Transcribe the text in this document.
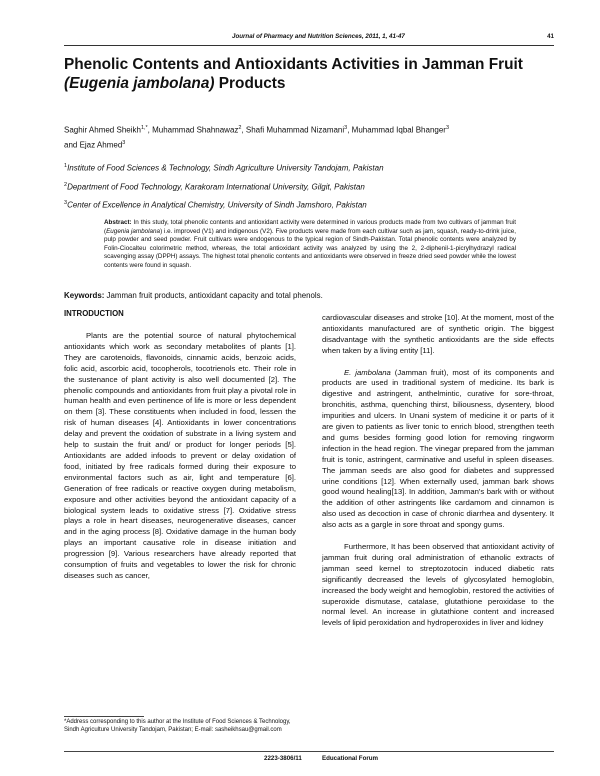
Journal of Pharmacy and Nutrition Sciences, 2011, 1, 41-47	41
Phenolic Contents and Antioxidants Activities in Jamman Fruit
(Eugenia jambolana) Products
Saghir Ahmed Sheikh$^{1,*}$, Muhammad Shahnawaz$^2$, Shafi Muhammad Nizamani$^3$, Muhammad Iqbal Bhanger$^3$
and Ejaz Ahmed$^3$
$^1$Institute of Food Sciences & Technology, Sindh Agriculture University Tandojam, Pakistan
$^2$Department of Food Technology, Karakoram International University, Gilgit, Pakistan
$^3$Center of Excellence in Analytical Chemistry, University of Sindh Jamshoro, Pakistan
Abstract: In this study, total phenolic contents and antioxidant activity were determined in various products made from two cultivars of jamman fruit (Eugenia jambolana) i.e. improved (V1) and indigenous (V2). Five products were made from each cultivar such as jam, squash, ready-to-drink juice, pulp powder and seed powder. Fruit cultivars were endogenous to the typical region of Sindh-Pakistan. Total phenolic contents were analyzed by Folin-Ciocalteu colorimetric method, whereas, the total antioxidant activity was analyzed by using the 2, 2-diphenil-1-picrylhydrazyl radical scavenging assay (DPPH) assays. The highest total phenolic contents and antioxidants were observed in freeze dried seed powder while the lowest contents were found in squash.
Keywords: Jamman fruit products, antioxidant capacity and total phenols.
INTRODUCTION

Plants are the potential source of natural phytochemical antioxidants which work as secondary metabolites of plants [1]. They are carotenoids, flavonoids, cinnamic acids, benzoic acids, folic acid, ascorbic acid, tocopherols, tocotrienols etc. Their role in the sustenance of plant activity is also well documented [2]. The phenolic compounds and antioxidants from fruit play a pivotal role in human health and even pertinence of life is more or less dependent on them [3]. These constituents when included in food, lessen the risk of human diseases [4]. Antioxidants in lower concentrations delay and prevent the oxidation of substrate in a living system and help to sustain the fruit and/ or product for longer periods [5]. Antioxidants are added infoods to prevent or delay oxidation of food, initiated by free radicals formed during their exposure to environmental factors such as air, light and temperature [6]. Generation of free radicals or reactive oxygen during metabolism, exposure and other activities beyond the antioxidant capacity of a biological system leads to oxidative stress [7]. Oxidative stress plays a role in heart diseases, neurogenerative diseases, cancer and in the aging process [8]. Oxidative damage in the human body plays an important causative role in disease initiation and progression [9]. Various researchers have already reported that consumption of fruits and vegetables to lower the risk for chronic diseases such as cancer,

cardiovascular diseases and stroke [10]. At the moment, most of the antioxidants manufactured are of synthetic origin. The biggest disadvantage with the synthetic antioxidants are the side effects when taken by a living entity [11].

E. jambolana (Jamman fruit), most of its components and products are used in traditional system of medicine. Its bark is digestive and astringent, anthelmintic, curative for sore-throat, bronchitis, asthma, quenching thirst, biliousness, dysentery, blood impurities and ulcers. In Unani system of medicine it or parts of it are given to patients as liver tonic to enrich blood, strengthen teeth and gums besides forming good lotion for removing ringworm infection in the head region. The vinegar prepared from the jamman fruit is tonic, astringent, carminative and useful in spleen diseases. The jamman seeds are also good for diabetes and suppressed urine conditions [12]. When externally used, jamman bark shows good wound healing[13]. In addition, Jamman's bark with or without the addition of other astringents like cardamom and cinnamon is also used as decoction in case of chronic diarrhea and dysentery. It also acts as a gargle in sore throat and spongy gums.

Furthermore, It has been observed that antioxidant activity of jamman fruit during oral administration of ethanolic extracts of jamman seed kernel to streptozotocin induced diabetic rats significantly decreased the levels of glycosylated hemoglobin, increased the body weight and hemoglobin, restored the activities of superoxide dismutase, catalase, glutathione peroxidase to the normal level. An increase in glutathione content and increased levels of lipid peroxidation and hydroperoxides in liver and kidney

*Address corresponding to this author at the Institute of Food Sciences & Technology, Sindh Agriculture University Tandojam, Pakistan; E-mail: sasheikhsau@gmail.com
2223-3806/11	Educational Forum
